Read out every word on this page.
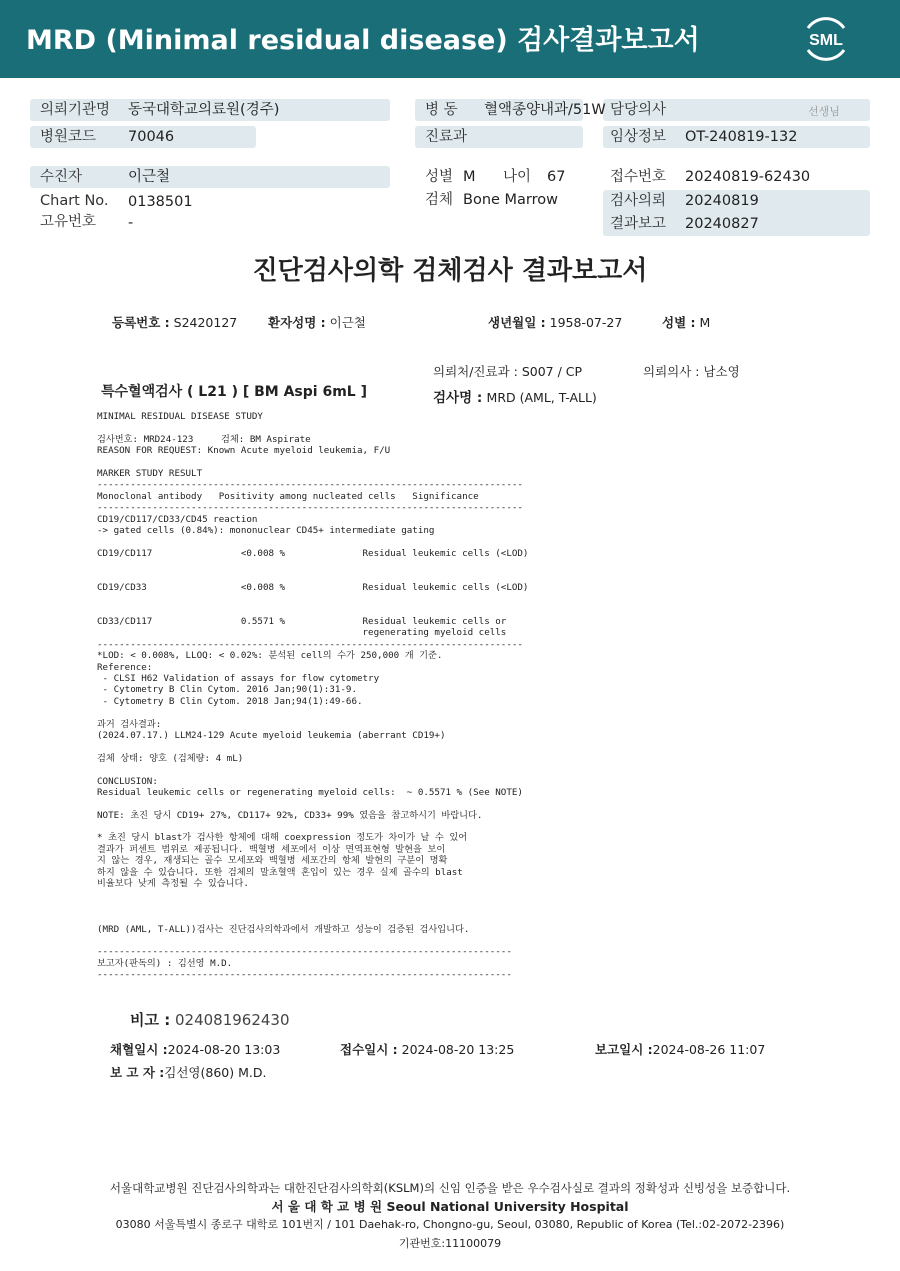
MRD (Minimal residual disease) 검사결과보고서	SML
의뢰기관명 동국대학교의료원(경주)
병원코드 70046
병 동 혈액종양내과/51W
진료과
담당의사	선생님
임상정보 OT-240819-132
수진자	이근철
Chart No. 0138501
고유번호 -
성별 M 나이 67
검체 Bone Marrow
접수번호 20240819-62430
검사의뢰 20240819
결과보고 20240827
진단검사의학 검체검사 결과보고서
등록번호 : S2420127 환자성명 : 이근철	생년월일 : 1958-07-27	성별 : M
의뢰처/진료과 : S007 / CP	의뢰의사 : 남소영
검사명 : MRD (AML, T-ALL)
특수혈액검사 ( L21 ) [ BM Aspi 6mL ]
MINIMAL RESIDUAL DISEASE STUDY
검사번호: MRD24-123     검체: BM Aspirate
REASON FOR REQUEST: Known Acute myeloid leukemia, F/U
MARKER STUDY RESULT
-----------------------------------------------------------------------------
Monoclonal antibody   Positivity among nucleated cells   Significance
-----------------------------------------------------------------------------
CD19/CD117/CD33/CD45 reaction
-> gated cells (0.84%): mononuclear CD45+ intermediate gating
CD19/CD117                <0.008 %              Residual leukemic cells (<LOD)
CD19/CD33                 <0.008 %              Residual leukemic cells (<LOD)
CD33/CD117                0.5571 %              Residual leukemic cells or
regenerating myeloid cells
-----------------------------------------------------------------------------
*LOD: < 0.008%, LLOQ: < 0.02%: 분석된 cell의 수가 250,000 개 기준.
Reference:
- CLSI H62 Validation of assays for flow cytometry
- Cytometry B Clin Cytom. 2016 Jan;90(1):31-9.
- Cytometry B Clin Cytom. 2018 Jan;94(1):49-66.
과거 검사결과:
(2024.07.17.) LLM24-129 Acute myeloid leukemia (aberrant CD19+)
검체 상태: 양호 (검체량: 4 mL)
CONCLUSION:
Residual leukemic cells or regenerating myeloid cells:  ~ 0.5571 % (See NOTE)
NOTE: 초진 당시 CD19+ 27%, CD117+ 92%, CD33+ 99% 였음을 참고하시기 바랍니다.
* 초진 당시 blast가 검사한 항체에 대해 coexpression 정도가 차이가 날 수 있어
결과가 퍼센트 범위로 제공됩니다. 백혈병 세포에서 이상 면역표현형 발현을 보이
지 않는 경우, 재생되는 골수 모세포와 백혈병 세포간의 항체 발현의 구분이 명확
하지 않을 수 있습니다. 또한 검체의 말초혈액 혼입이 있는 경우 실제 골수의 blast
비율보다 낮게 측정될 수 있습니다.
(MRD (AML, T-ALL))검사는 진단검사의학과에서 개발하고 성능이 검증된 검사입니다.
---------------------------------------------------------------------------
보고자(판독의) : 김선영 M.D.
---------------------------------------------------------------------------
비고 : 024081962430
채혈일시 :2024-08-20 13:03	접수일시 : 2024-08-20 13:25	보고일시 :2024-08-26 11:07
보 고 자 :김선영(860) M.D.
서울대학교병원 진단검사의학과는 대한진단검사의학회(KSLM)의 신임 인증을 받은 우수검사실로 결과의 정확성과 신빙성을 보증합니다.
서 울 대 학 교 병 원 Seoul National University Hospital
03080 서울특별시 종로구 대학로 101번지 / 101 Daehak-ro, Chongno-gu, Seoul, 03080, Republic of Korea (Tel.:02-2072-2396)
기관번호:11100079
